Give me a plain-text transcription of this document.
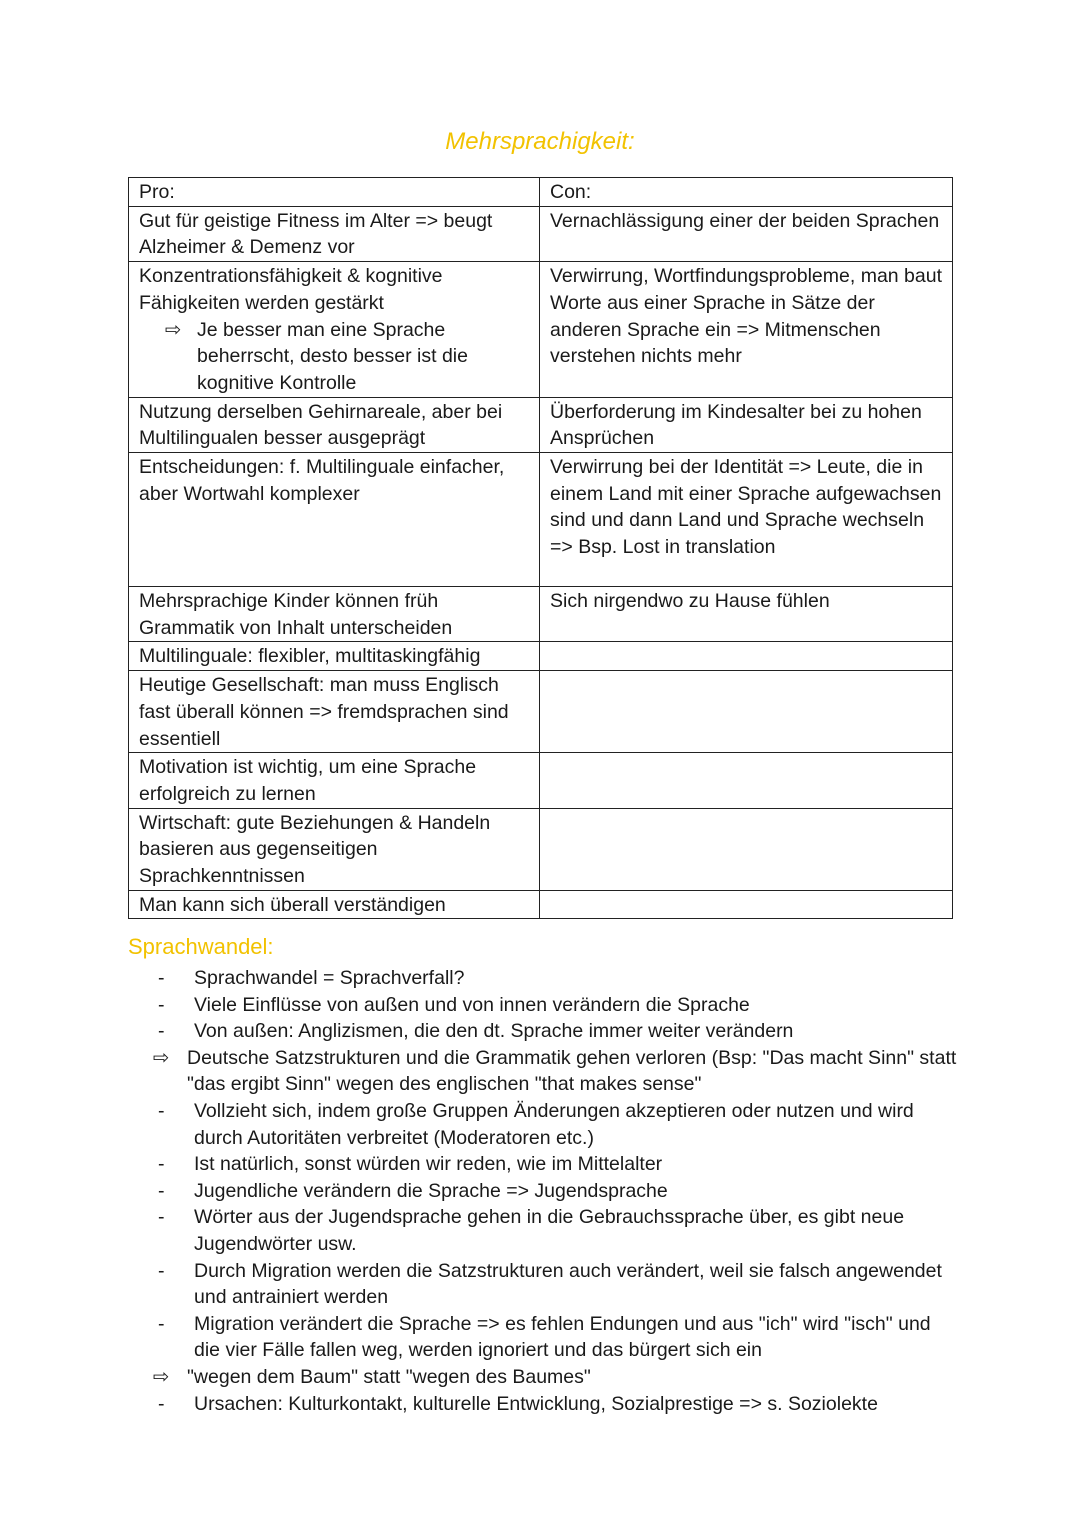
Mehrsprachigkeit:
Pro:	Con:
Gut für geistige Fitness im Alter => beugt Alzheimer & Demenz vor	Vernachlässigung einer der beiden Sprachen

Konzentrationsfähigkeit & kognitive Fähigkeiten werden gestärkt
⇨ Je besser man eine Sprache beherrscht, desto besser ist die kognitive Kontrolle	Verwirrung, Wortfindungsprobleme, man baut Worte aus einer Sprache in Sätze der anderen Sprache ein => Mitmenschen verstehen nichts mehr
Nutzung derselben Gehirnareale, aber bei Multilingualen besser ausgeprägt	Überforderung im Kindesalter bei zu hohen Ansprüchen
Entscheidungen: f. Multilinguale einfacher, aber Wortwahl komplexer	Verwirrung bei der Identität => Leute, die in einem Land mit einer Sprache aufgewachsen sind und dann Land und Sprache wechseln => Bsp. Lost in translation
Mehrsprachige Kinder können früh Grammatik von Inhalt unterscheiden	Sich nirgendwo zu Hause fühlen
Multilinguale: flexibler, multitaskingfähig	
Heutige Gesellschaft: man muss Englisch fast überall können => fremdsprachen sind essentiell	
Motivation ist wichtig, um eine Sprache erfolgreich zu lernen	
Wirtschaft: gute Beziehungen & Handeln basieren aus gegenseitigen Sprachkenntnissen	
Man kann sich überall verständigen	
Sprachwandel:
- Sprachwandel = Sprachverfall?
- Viele Einflüsse von außen und von innen verändern die Sprache
- Von außen: Anglizismen, die den dt. Sprache immer weiter verändern
⇨ Deutsche Satzstrukturen und die Grammatik gehen verloren (Bsp: "Das macht Sinn" statt "das ergibt Sinn" wegen des englischen "that makes sense"
- Vollzieht sich, indem große Gruppen Änderungen akzeptieren oder nutzen und wird durch Autoritäten verbreitet (Moderatoren etc.)
- Ist natürlich, sonst würden wir reden, wie im Mittelalter
- Jugendliche verändern die Sprache => Jugendsprache
- Wörter aus der Jugendsprache gehen in die Gebrauchssprache über, es gibt neue Jugendwörter usw.
- Durch Migration werden die Satzstrukturen auch verändert, weil sie falsch angewendet und antrainiert werden
- Migration verändert die Sprache => es fehlen Endungen und aus "ich" wird "isch" und die vier Fälle fallen weg, werden ignoriert und das bürgert sich ein
⇨ "wegen dem Baum" statt "wegen des Baumes"
- Ursachen: Kulturkontakt, kulturelle Entwicklung, Sozialprestige => s. Soziolekte
